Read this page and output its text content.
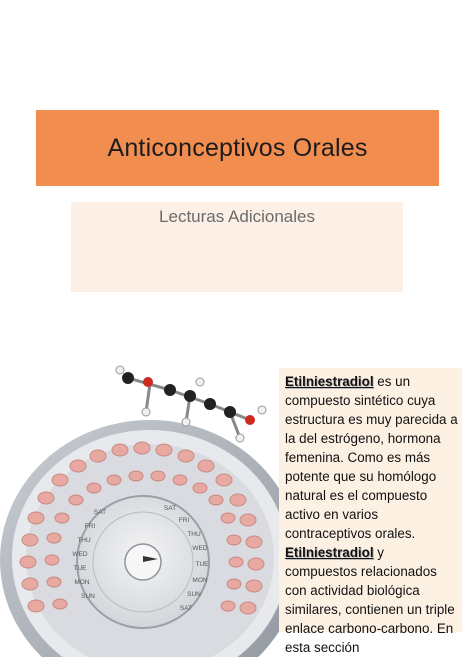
Anticonceptivos Orales
Lecturas Adicionales
SAT
FRI
THU
WED
TUE
MON
SUN
SAT
FRI
THU
WED
TUE
MON
SUN
SAT

Etilniestradiol es un compuesto sintético cuya estructura es muy parecida a la del estrógeno, hormona femenina. Como es más potente que su homólogo natural es el compuesto activo en varios contraceptivos orales. Etilniestradiol y compuestos relacionados con actividad biológica similares, contienen un triple enlace carbono-carbono. En esta sección
